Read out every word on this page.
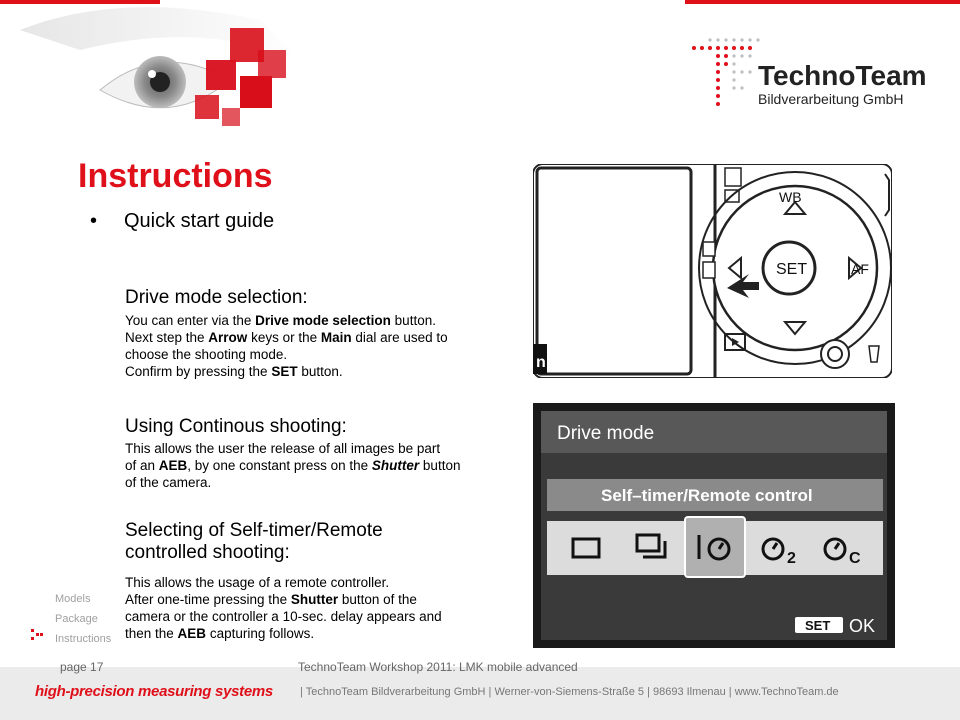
TechnoTeam
Bildverarbeitung GmbH
Instructions
• Quick start guide
Drive mode selection:
You can enter via the Drive mode selection button.
Next step the Arrow keys or the Main dial are used to
choose the shooting mode.
Confirm by pressing the SET button.
Using Continous shooting:
This allows the user the release of all images be part
of an AEB, by one constant press on the Shutter button
of the camera.
Selecting of Self-timer/Remote
controlled shooting:
This allows the usage of a remote controller.
After one-time pressing the Shutter button of the
camera or the controller a 10-sec. delay appears and
then the AEB capturing follows.
Models
Package
Instructions
n
SET
WB
AF
Drive mode
Self–timer/Remote control
2	C
SET OK
page 17	TechnoTeam Workshop 2011: LMK mobile advanced
high-precision measuring systems | TechnoTeam Bildverarbeitung GmbH | Werner-von-Siemens-Straße 5 | 98693 Ilmenau | www.TechnoTeam.de
